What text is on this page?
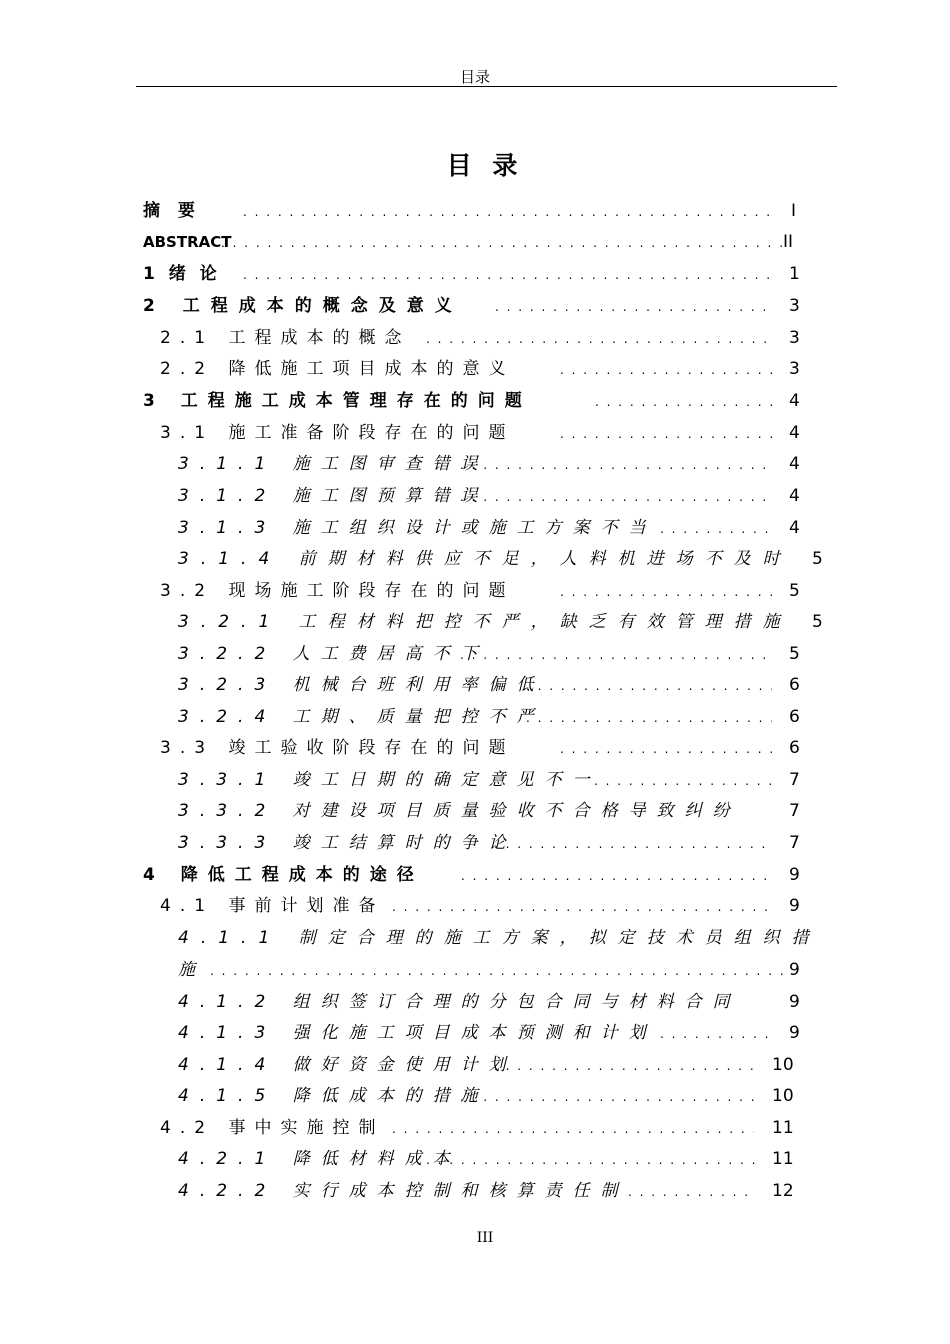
目录
目 录
摘 要 . . .	I
ABSTRACT . . .	II
1 绪 论 . . .	1
2 工程成本的概念及意义 . . .	3
2.1 工程成本的概念 . . .	3
2.2 降低施工项目成本的意义 . . .	3
3 工程施工成本管理存在的问题 . . .	4
3.1 施工准备阶段存在的问题 . . .	4
3.1.1 施工图审查错误 . . .	4
3.1.2 施工图预算错误 . . .	4
3.1.3 施工组织设计或施工方案不当 . . .	4
3.1.4 前期材料供应不足，人料机进场不及时 5
3.2 现场施工阶段存在的问题 . . .	5
3.2.1 工程材料把控不严，缺乏有效管理措施 5
3.2.2 人工费居高不下 . . .	5
3.2.3 机械台班利用率偏低 . . .	6
3.2.4 工期、质量把控不严 . . .	6
3.3 竣工验收阶段存在的问题 . . .	6
3.3.1 竣工日期的确定意见不一 . . .	7
3.3.2 对建设项目质量验收不合格导致纠纷	7
3.3.3 竣工结算时的争论 . . .	7
4 降低工程成本的途径 . . .	9
4.1 事前计划准备 . . .	9
4.1.1 制定合理的施工方案，拟定技术员组织措
施 . . .	9
4.1.2 组织签订合理的分包合同与材料合同	9
4.1.3 强化施工项目成本预测和计划 . . .	9
4.1.4 做好资金使用计划 . . .	10
4.1.5 降低成本的措施 . . .	10
4.2 事中实施控制 . . .	11
4.2.1 降低材料成本 . . .	11
4.2.2 实行成本控制和核算责任制 . . .	12
III
